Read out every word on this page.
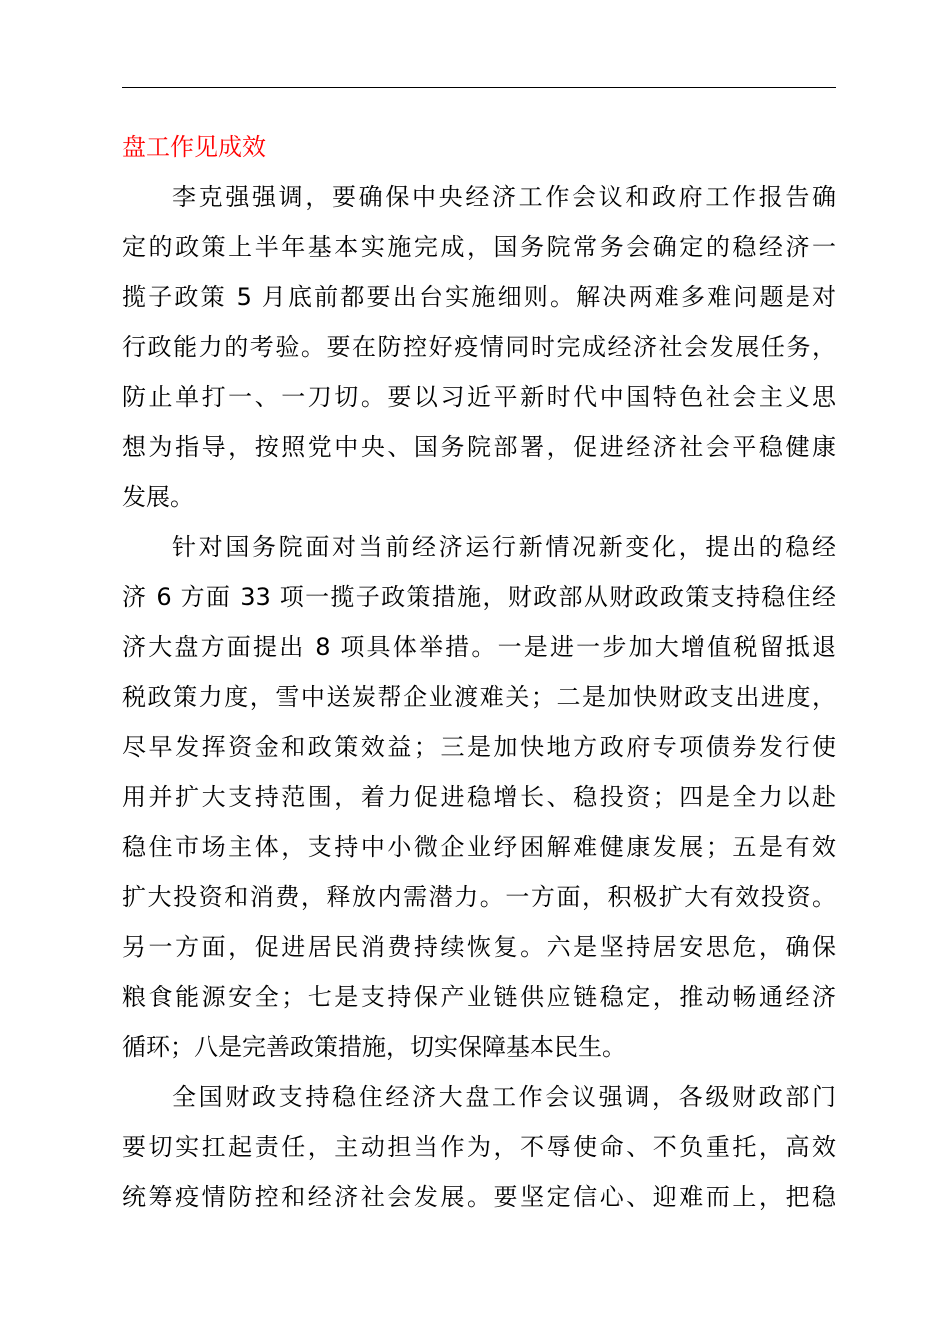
盘工作见成效
李克强强调，要确保中央经济工作会议和政府工作报告确
定的政策上半年基本实施完成，国务院常务会确定的稳经济一
揽子政策 5 月底前都要出台实施细则。解决两难多难问题是对
行政能力的考验。要在防控好疫情同时完成经济社会发展任务，
防止单打一、一刀切。要以习近平新时代中国特色社会主义思
想为指导，按照党中央、国务院部署，促进经济社会平稳健康
发展。
针对国务院面对当前经济运行新情况新变化，提出的稳经
济 6 方面 33 项一揽子政策措施，财政部从财政政策支持稳住经
济大盘方面提出 8 项具体举措。一是进一步加大增值税留抵退
税政策力度，雪中送炭帮企业渡难关；二是加快财政支出进度，
尽早发挥资金和政策效益；三是加快地方政府专项债券发行使
用并扩大支持范围，着力促进稳增长、稳投资；四是全力以赴
稳住市场主体，支持中小微企业纾困解难健康发展；五是有效
扩大投资和消费，释放内需潜力。一方面，积极扩大有效投资。
另一方面，促进居民消费持续恢复。六是坚持居安思危，确保
粮食能源安全；七是支持保产业链供应链稳定，推动畅通经济
循环；八是完善政策措施，切实保障基本民生。
全国财政支持稳住经济大盘工作会议强调，各级财政部门
要切实扛起责任，主动担当作为，不辱使命、不负重托，高效
统筹疫情防控和经济社会发展。要坚定信心、迎难而上，把稳
